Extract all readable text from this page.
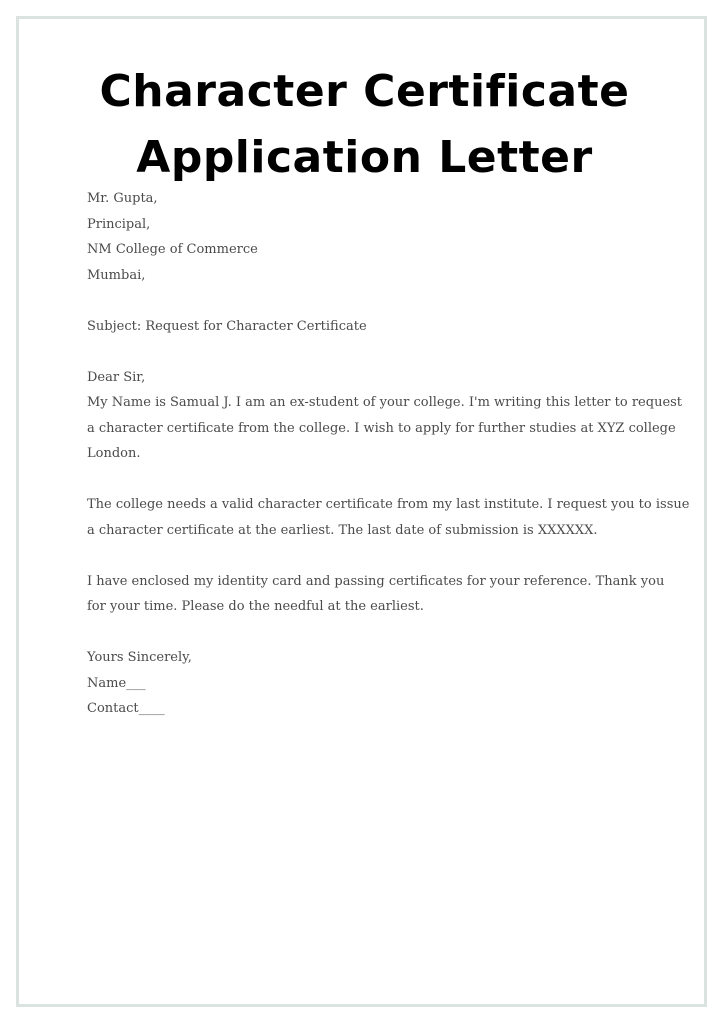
Character Certificate
Application Letter
Mr. Gupta,
Principal,
NM College of Commerce
Mumbai,
Subject: Request for Character Certificate
Dear Sir,
My Name is Samual J. I am an ex-student of your college. I'm writing this letter to request
a character certificate from the college. I wish to apply for further studies at XYZ college
London.
The college needs a valid character certificate from my last institute. I request you to issue
a character certificate at the earliest. The last date of submission is XXXXXX.
I have enclosed my identity card and passing certificates for your reference. Thank you
for your time. Please do the needful at the earliest.
Yours Sincerely,
Name___
Contact____
